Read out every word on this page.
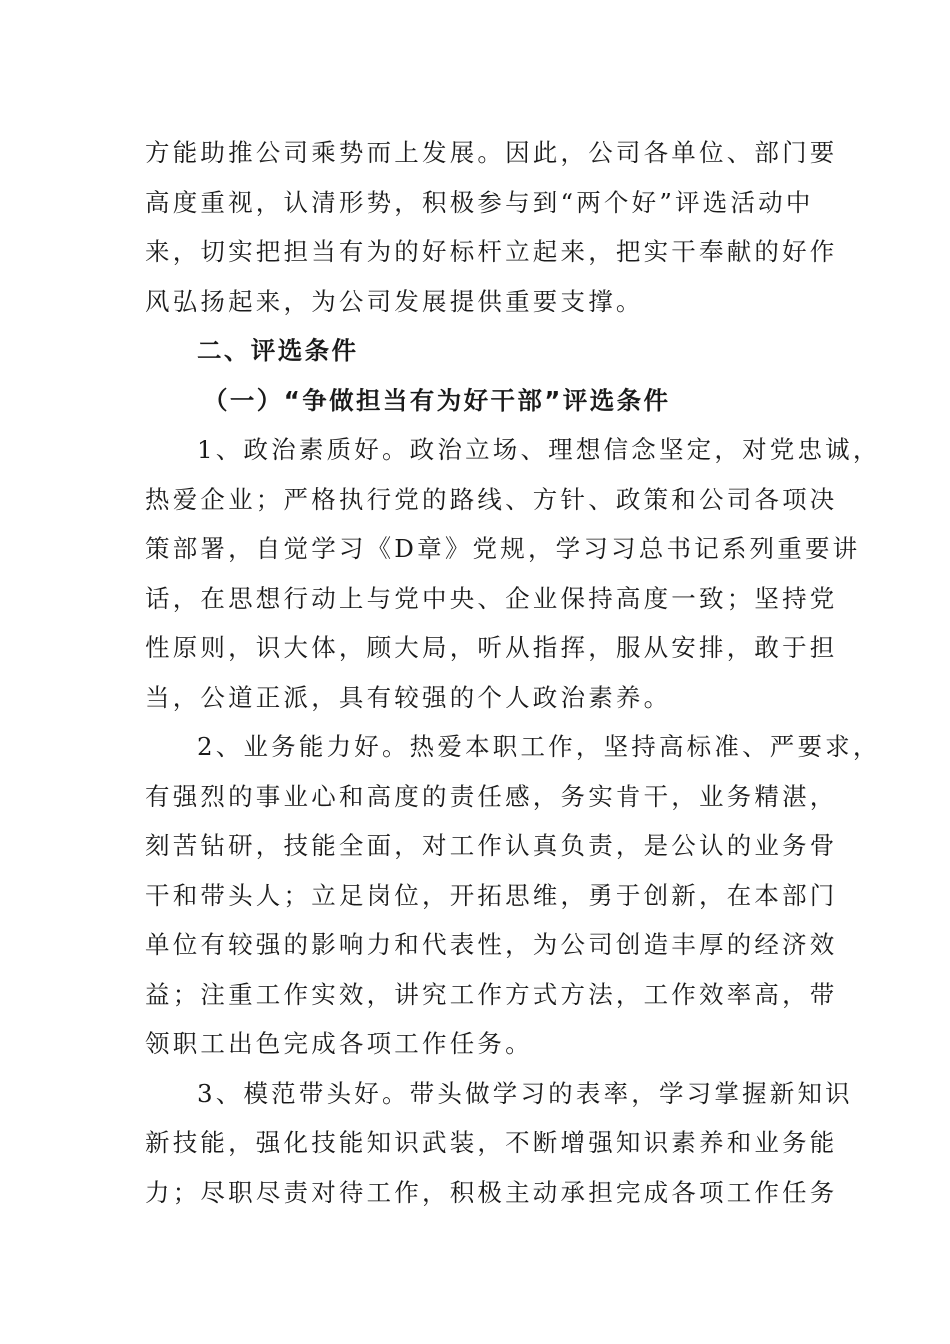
方能助推公司乘势而上发展。因此，公司各单位、部门要
高度重视，认清形势，积极参与到“两个好”评选活动中
来，切实把担当有为的好标杆立起来，把实干奉献的好作
风弘扬起来，为公司发展提供重要支撑。
二、评选条件
（一）“争做担当有为好干部”评选条件
1、政治素质好。政治立场、理想信念坚定，对党忠诚，
热爱企业；严格执行党的路线、方针、政策和公司各项决
策部署，自觉学习《D章》党规，学习习总书记系列重要讲
话，在思想行动上与党中央、企业保持高度一致；坚持党
性原则，识大体，顾大局，听从指挥，服从安排，敢于担
当，公道正派，具有较强的个人政治素养。
2、业务能力好。热爱本职工作，坚持高标准、严要求，
有强烈的事业心和高度的责任感，务实肯干，业务精湛，
刻苦钻研，技能全面，对工作认真负责，是公认的业务骨
干和带头人；立足岗位，开拓思维，勇于创新，在本部门
单位有较强的影响力和代表性，为公司创造丰厚的经济效
益；注重工作实效，讲究工作方式方法，工作效率高，带
领职工出色完成各项工作任务。
3、模范带头好。带头做学习的表率，学习掌握新知识
新技能，强化技能知识武装，不断增强知识素养和业务能
力；尽职尽责对待工作，积极主动承担完成各项工作任务
